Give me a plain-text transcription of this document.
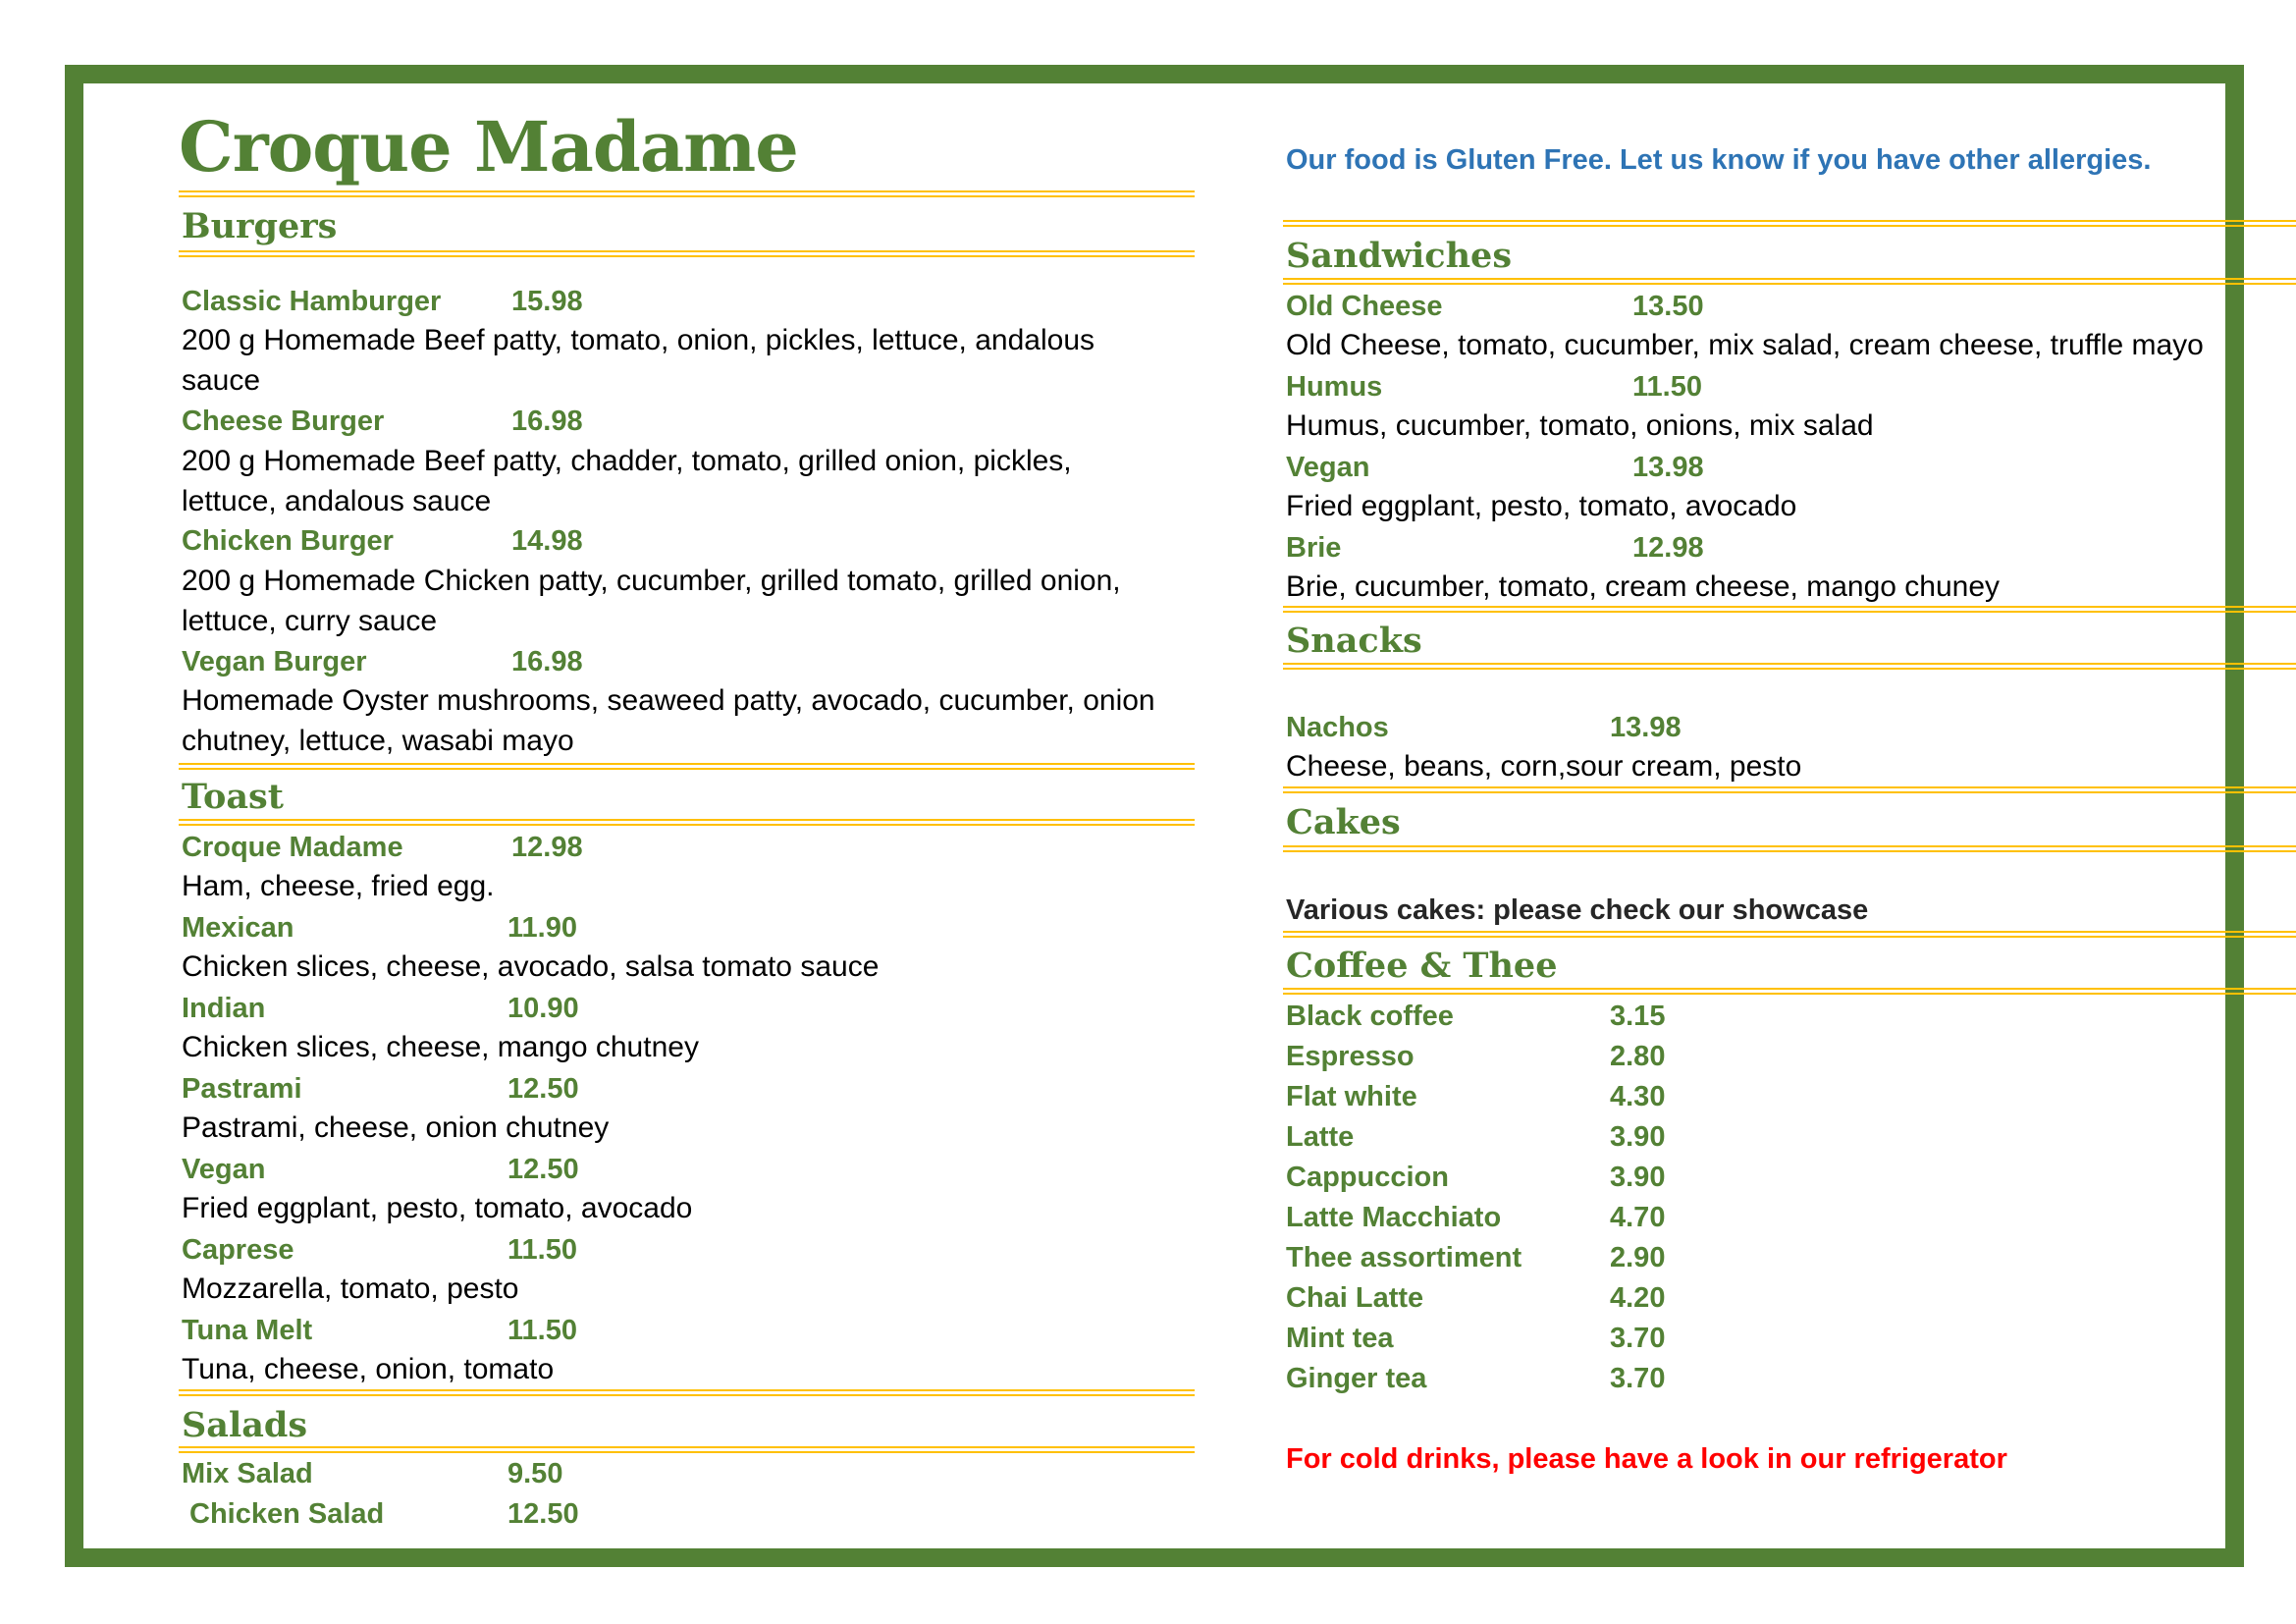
Croque Madame
Burgers
Classic Hamburger 15.98
200 g Homemade Beef patty, tomato, onion, pickles, lettuce, andalous
sauce
Cheese Burger	16.98
200 g Homemade Beef patty, chadder, tomato, grilled onion, pickles,
lettuce, andalous sauce
Chicken Burger	14.98
200 g Homemade Chicken patty, cucumber, grilled tomato, grilled onion,
lettuce, curry sauce
Vegan Burger	16.98
Homemade Oyster mushrooms, seaweed patty, avocado, cucumber, onion
chutney, lettuce, wasabi mayo
Toast
Croque Madame	12.98
Ham, cheese, fried egg.
Mexican	11.90
Chicken slices, cheese, avocado, salsa tomato sauce
Indian	10.90
Chicken slices, cheese, mango chutney
Pastrami	12.50
Pastrami, cheese, onion chutney
Vegan	12.50
Fried eggplant, pesto, tomato, avocado
Caprese	11.50
Mozzarella, tomato, pesto
Tuna Melt	11.50
Tuna, cheese, onion, tomato
Salads
Mix Salad	9.50
Chicken Salad	12.50
Our food is Gluten Free. Let us know if you have other allergies.
Sandwiches
Old Cheese	13.50
Old Cheese, tomato, cucumber, mix salad, cream cheese, truffle mayo
Humus	11.50
Humus, cucumber, tomato, onions, mix salad
Vegan	13.98
Fried eggplant, pesto, tomato, avocado
Brie	12.98
Brie, cucumber, tomato, cream cheese, mango chuney
Snacks
Nachos	13.98
Cheese, beans, corn,sour cream, pesto
Cakes
Various cakes: please check our showcase
Coffee & Thee
Black coffee	3.15
Espresso	2.80
Flat white	4.30
Latte	3.90
Cappuccion	3.90
Latte Macchiato	4.70
Thee assortiment	2.90
Chai Latte	4.20
Mint tea	3.70
Ginger tea	3.70
For cold drinks, please have a look in our refrigerator
